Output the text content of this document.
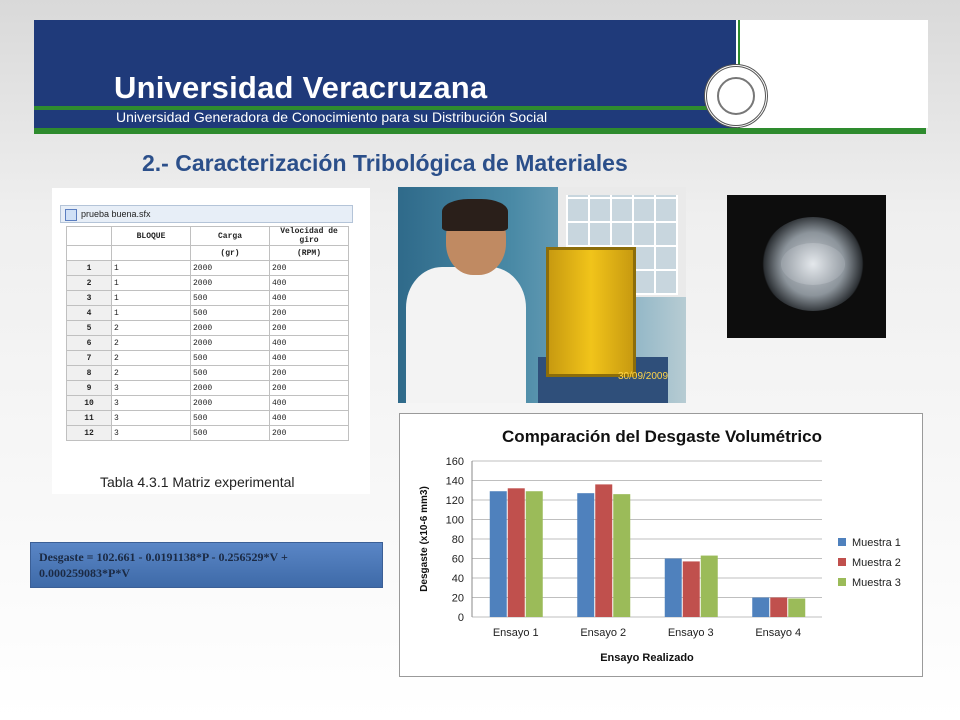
Universidad Veracruzana
Universidad Generadora de Conocimiento para su Distribución Social
2.- Caracterización Tribológica de Materiales
prueba buena.sfx
	BLOQUE	Carga	Velocidad de giro
		(gr)	(RPM)
1	1	2000	200
2	1	2000	400
3	1	500	400
4	1	500	200
5	2	2000	200
6	2	2000	400
7	2	500	400
8	2	500	200
9	3	2000	200
10	3	2000	400
11	3	500	400
12	3	500	200
Tabla 4.3.1 Matriz experimental
30/09/2009
Desgaste = 102.661 - 0.0191138*P - 0.256529*V + 0.000259083*P*V
Comparación del Desgaste Volumétrico
0
20
40
60
80
100
120
140
160
Ensayo 1	Ensayo 2	Ensayo 3	Ensayo 4
Ensayo Realizado
Desgaste (x10-6 mm3)	Muestra 1
Muestra 2
Muestra 3
